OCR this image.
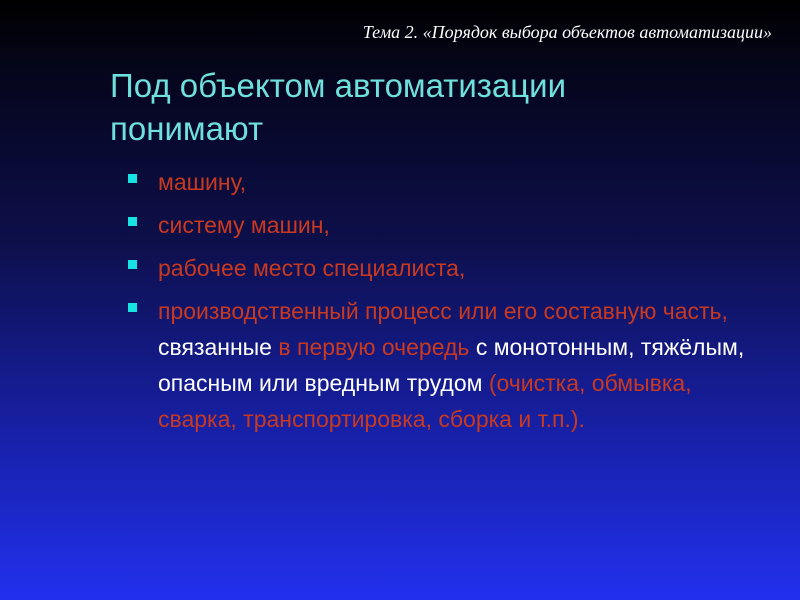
Тема 2. «Порядок выбора объектов автоматизации»
Под объектом автоматизации
понимают
машину,
систему машин,
рабочее место специалиста,
производственный процесс или его составную часть, связанные в первую очередь с монотонным, тяжёлым, опасным или вредным трудом (очистка, обмывка, сварка, транспортировка, сборка и т.п.).
